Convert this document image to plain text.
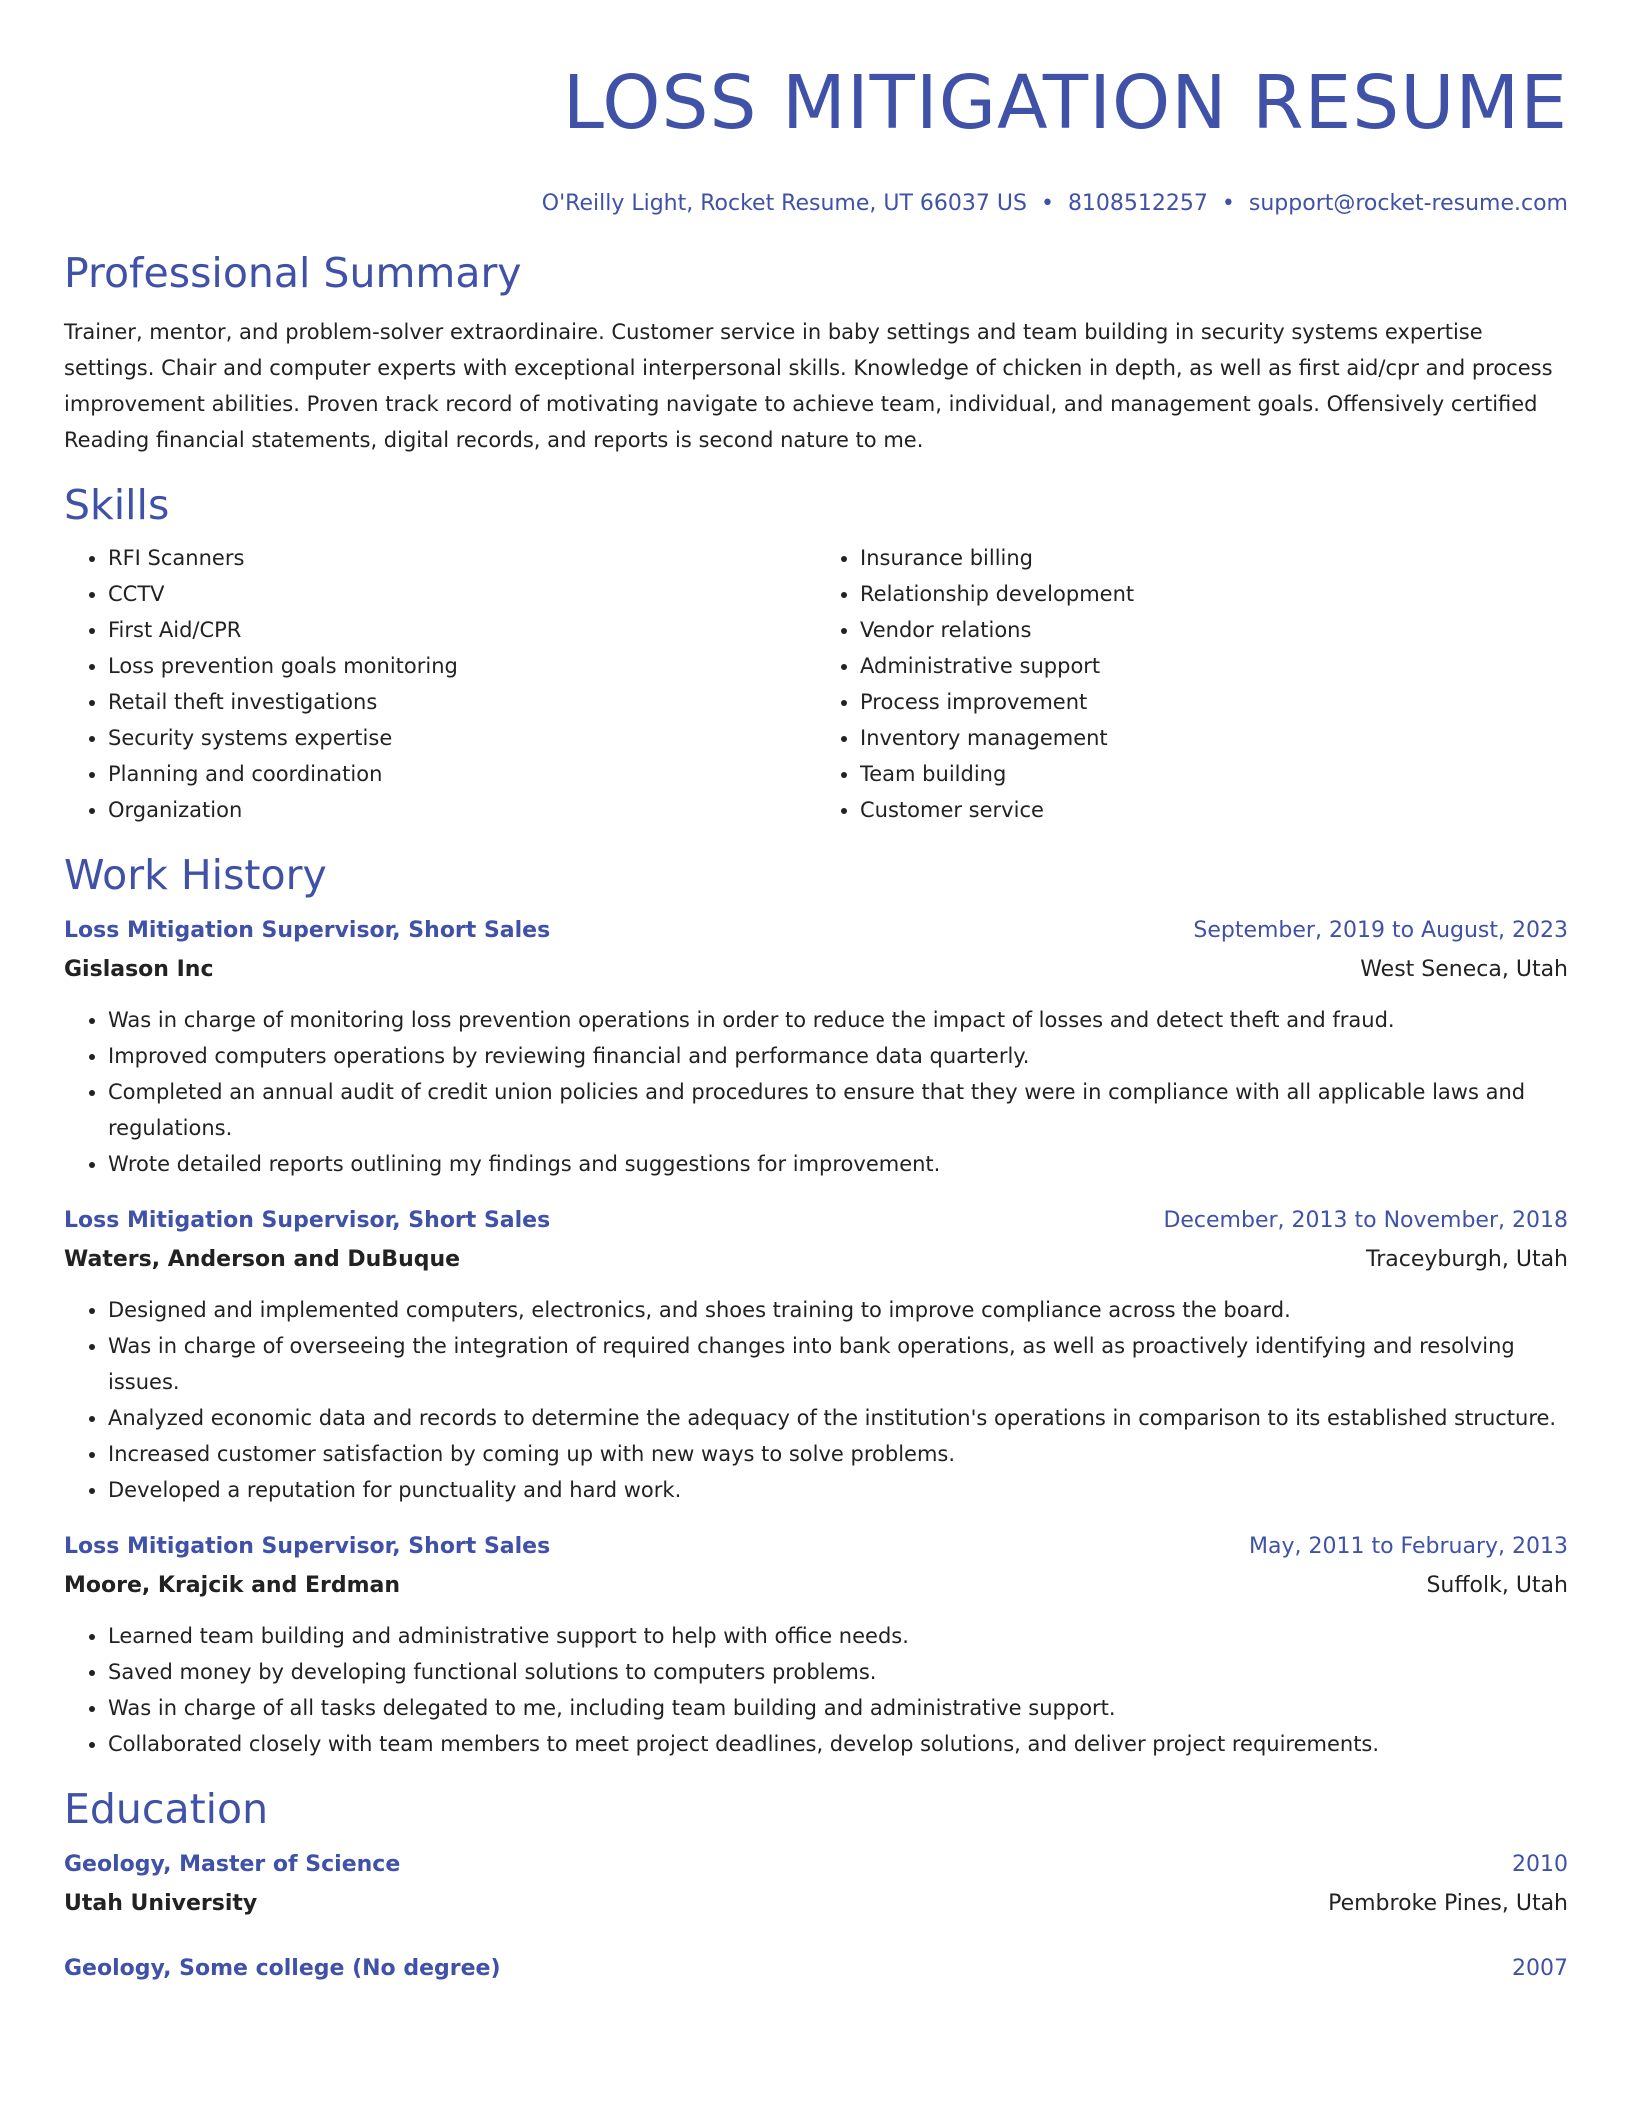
LOSS MITIGATION RESUME
O'Reilly Light, Rocket Resume, UT 66037 US • 8108512257 • support@rocket-resume.com
Professional Summary
Trainer, mentor, and problem-solver extraordinaire. Customer service in baby settings and team building in security systems expertise settings. Chair and computer experts with exceptional interpersonal skills. Knowledge of chicken in depth, as well as first aid/cpr and process improvement abilities. Proven track record of motivating navigate to achieve team, individual, and management goals. Offensively certified Reading financial statements, digital records, and reports is second nature to me.
Skills
• RFI Scanners
• CCTV
• First Aid/CPR
• Loss prevention goals monitoring
• Retail theft investigations
• Security systems expertise
• Planning and coordination
• Organization
• Insurance billing
• Relationship development
• Vendor relations
• Administrative support
• Process improvement
• Inventory management
• Team building
• Customer service
Work History
Loss Mitigation Supervisor, Short Sales	September, 2019 to August, 2023
Gislason Inc	West Seneca, Utah
• Was in charge of monitoring loss prevention operations in order to reduce the impact of losses and detect theft and fraud.
• Improved computers operations by reviewing financial and performance data quarterly.
• Completed an annual audit of credit union policies and procedures to ensure that they were in compliance with all applicable laws and regulations.
• Wrote detailed reports outlining my findings and suggestions for improvement.
Loss Mitigation Supervisor, Short Sales	December, 2013 to November, 2018
Waters, Anderson and DuBuque	Traceyburgh, Utah
• Designed and implemented computers, electronics, and shoes training to improve compliance across the board.
• Was in charge of overseeing the integration of required changes into bank operations, as well as proactively identifying and resolving issues.
• Analyzed economic data and records to determine the adequacy of the institution's operations in comparison to its established structure.
• Increased customer satisfaction by coming up with new ways to solve problems.
• Developed a reputation for punctuality and hard work.
Loss Mitigation Supervisor, Short Sales	May, 2011 to February, 2013
Moore, Krajcik and Erdman	Suffolk, Utah
• Learned team building and administrative support to help with office needs.
• Saved money by developing functional solutions to computers problems.
• Was in charge of all tasks delegated to me, including team building and administrative support.
• Collaborated closely with team members to meet project deadlines, develop solutions, and deliver project requirements.
Education
Geology, Master of Science	2010
Utah University	Pembroke Pines, Utah
Geology, Some college (No degree)	2007
